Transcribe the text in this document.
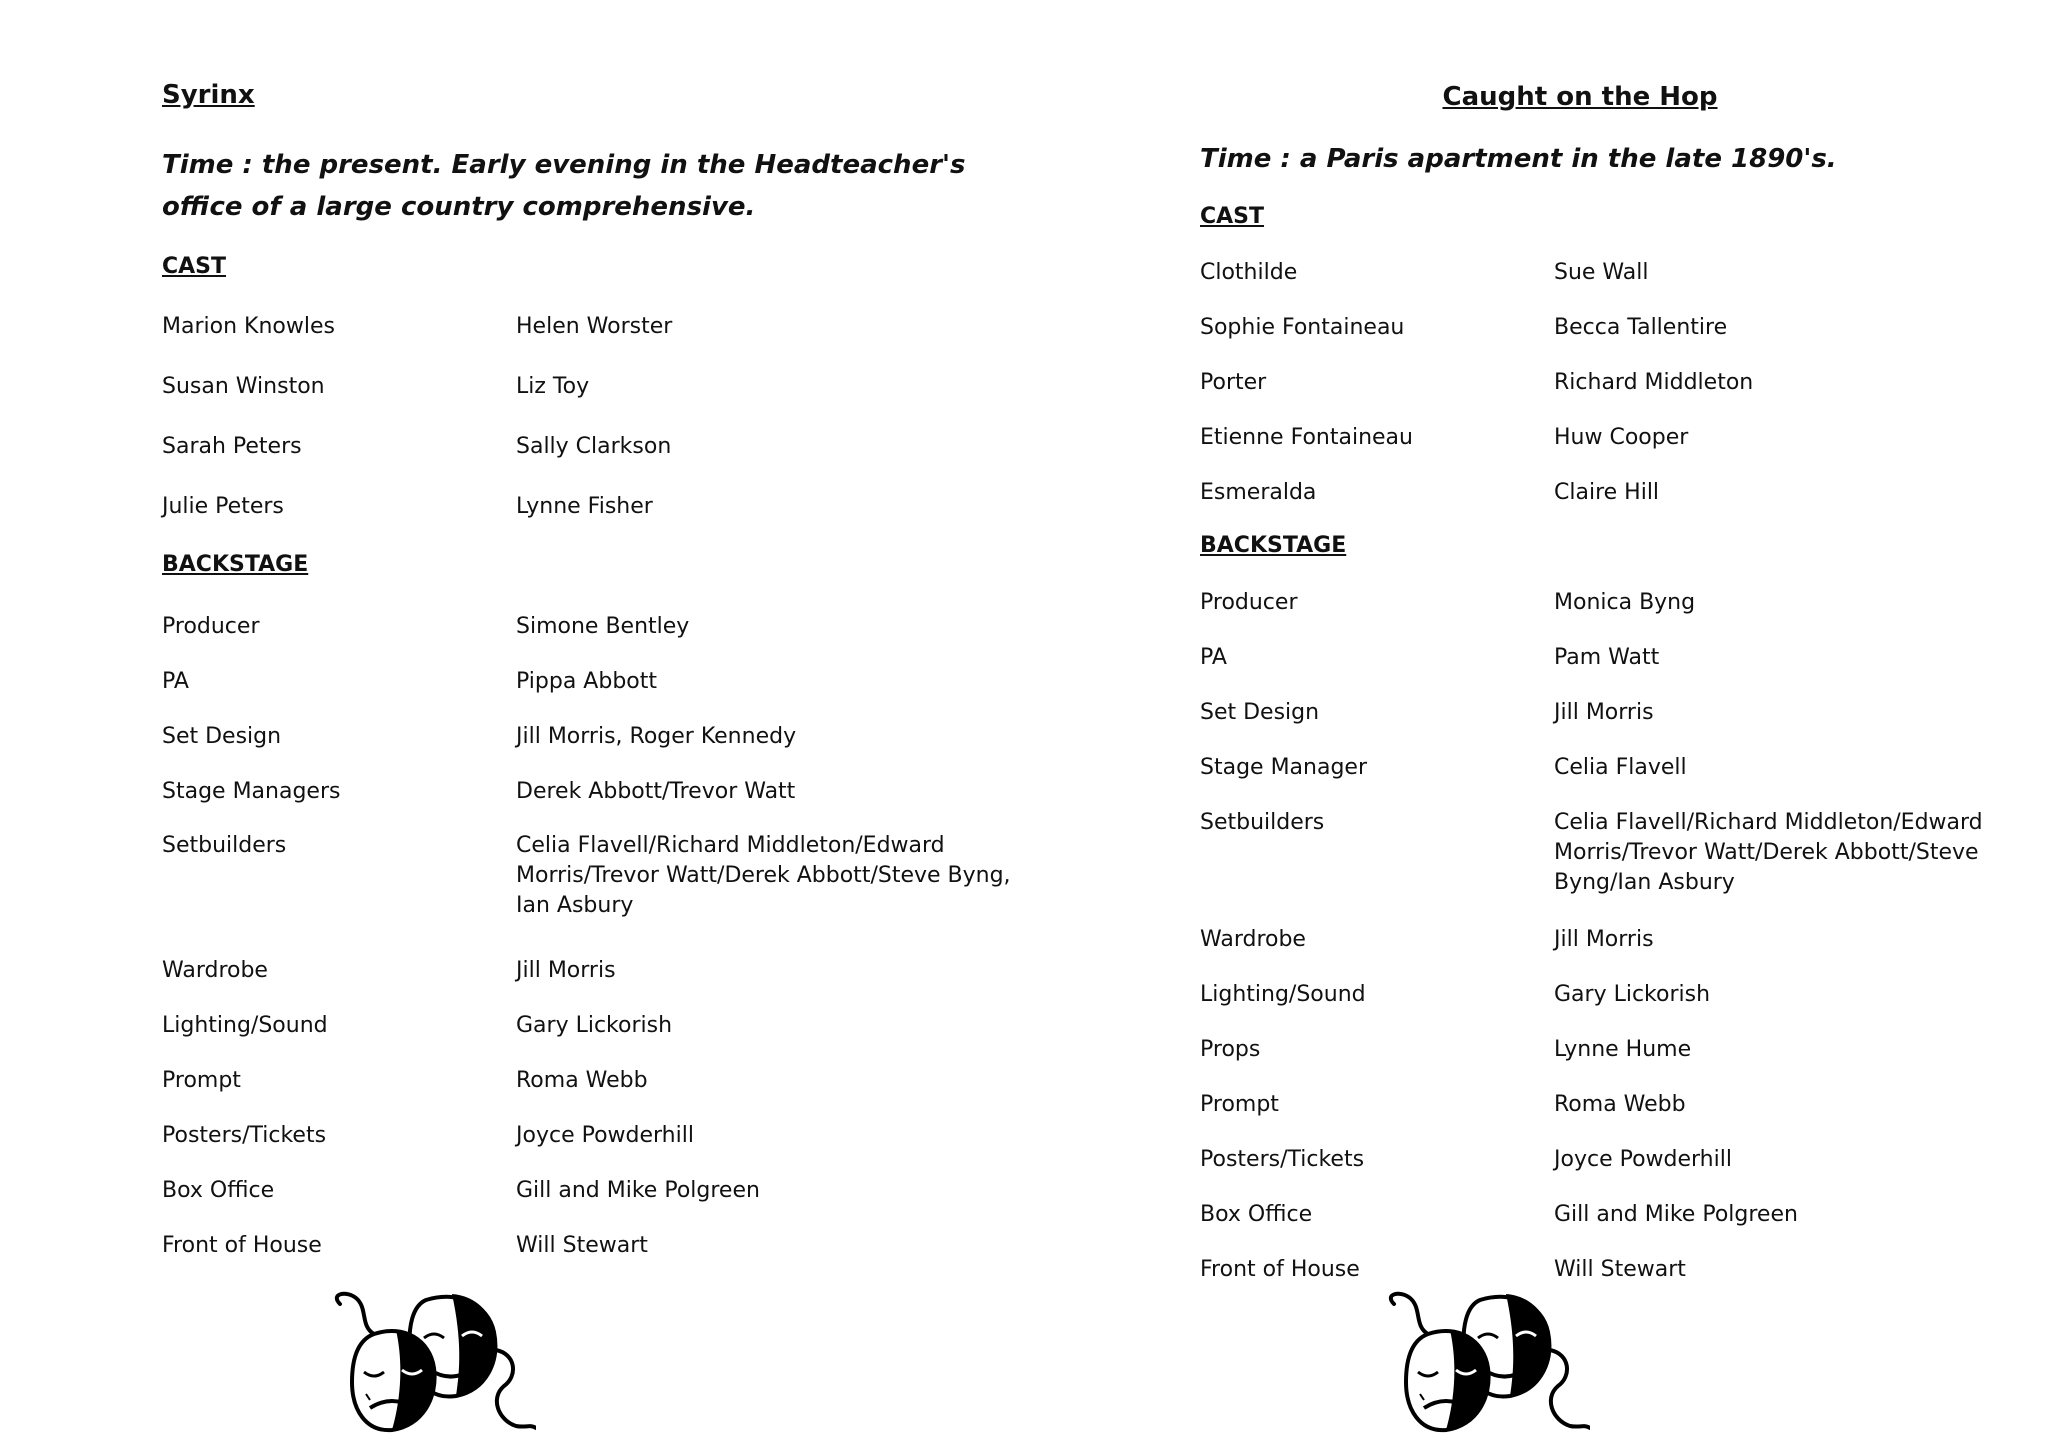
Syrinx
Time : the present. Early evening in the Headteacher's office of a large country comprehensive.
CAST
Marion Knowles	Helen Worster
Susan Winston	Liz Toy
Sarah Peters	Sally Clarkson
Julie Peters	Lynne Fisher
BACKSTAGE
Producer	Simone Bentley
PA	Pippa Abbott
Set Design	Jill Morris, Roger Kennedy
Stage Managers	Derek Abbott/Trevor Watt
Setbuilders	Celia Flavell/Richard Middleton/Edward Morris/Trevor Watt/Derek Abbott/Steve Byng, Ian Asbury
Wardrobe	Jill Morris
Lighting/Sound	Gary Lickorish
Prompt	Roma Webb
Posters/Tickets	Joyce Powderhill
Box Office	Gill and Mike Polgreen
Front of House	Will Stewart
Caught on the Hop
Time : a Paris apartment in the late 1890's.
CAST
Clothilde	Sue Wall
Sophie Fontaineau	Becca Tallentire
Porter	Richard Middleton
Etienne Fontaineau	Huw Cooper
Esmeralda	Claire Hill
BACKSTAGE
Producer	Monica Byng
PA	Pam Watt
Set Design	Jill Morris
Stage Manager	Celia Flavell
Setbuilders	Celia Flavell/Richard Middleton/Edward Morris/Trevor Watt/Derek Abbott/Steve Byng/Ian Asbury
Wardrobe	Jill Morris
Lighting/Sound	Gary Lickorish
Props	Lynne Hume
Prompt	Roma Webb
Posters/Tickets	Joyce Powderhill
Box Office	Gill and Mike Polgreen
Front of House	Will Stewart
